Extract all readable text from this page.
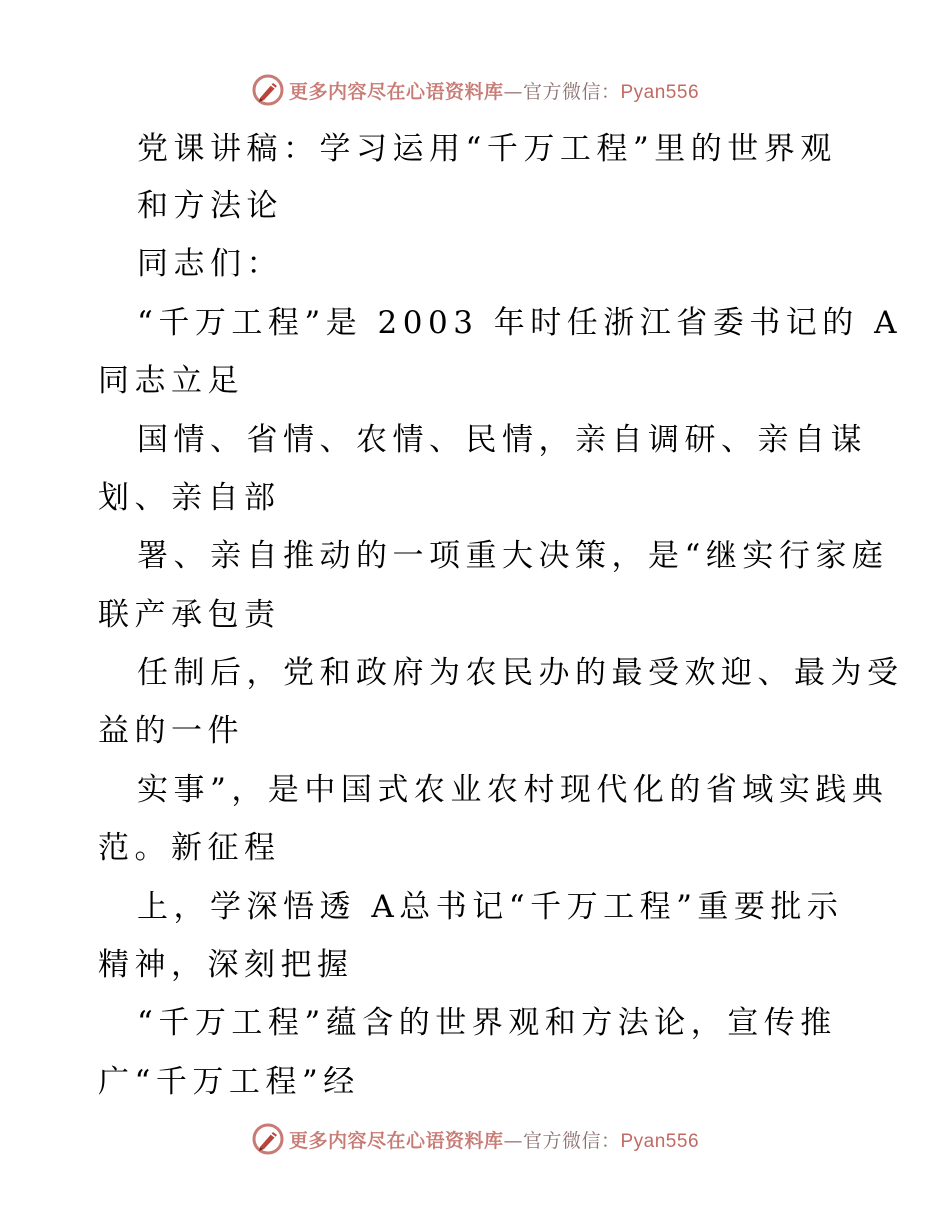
更多内容尽在心语资料库—官方微信：Pyan556
党课讲稿：学习运用“千万工程”里的世界观
和方法论
同志们：
“千万工程”是 2003 年时任浙江省委书记的 A
同志立足
国情、省情、农情、民情，亲自调研、亲自谋
划、亲自部
署、亲自推动的一项重大决策，是“继实行家庭
联产承包责
任制后，党和政府为农民办的最受欢迎、最为受
益的一件
实事”，是中国式农业农村现代化的省域实践典
范。新征程
上，学深悟透 A总书记“千万工程”重要批示
精神，深刻把握
“千万工程”蕴含的世界观和方法论，宣传推
广“千万工程”经
更多内容尽在心语资料库—官方微信：Pyan556
